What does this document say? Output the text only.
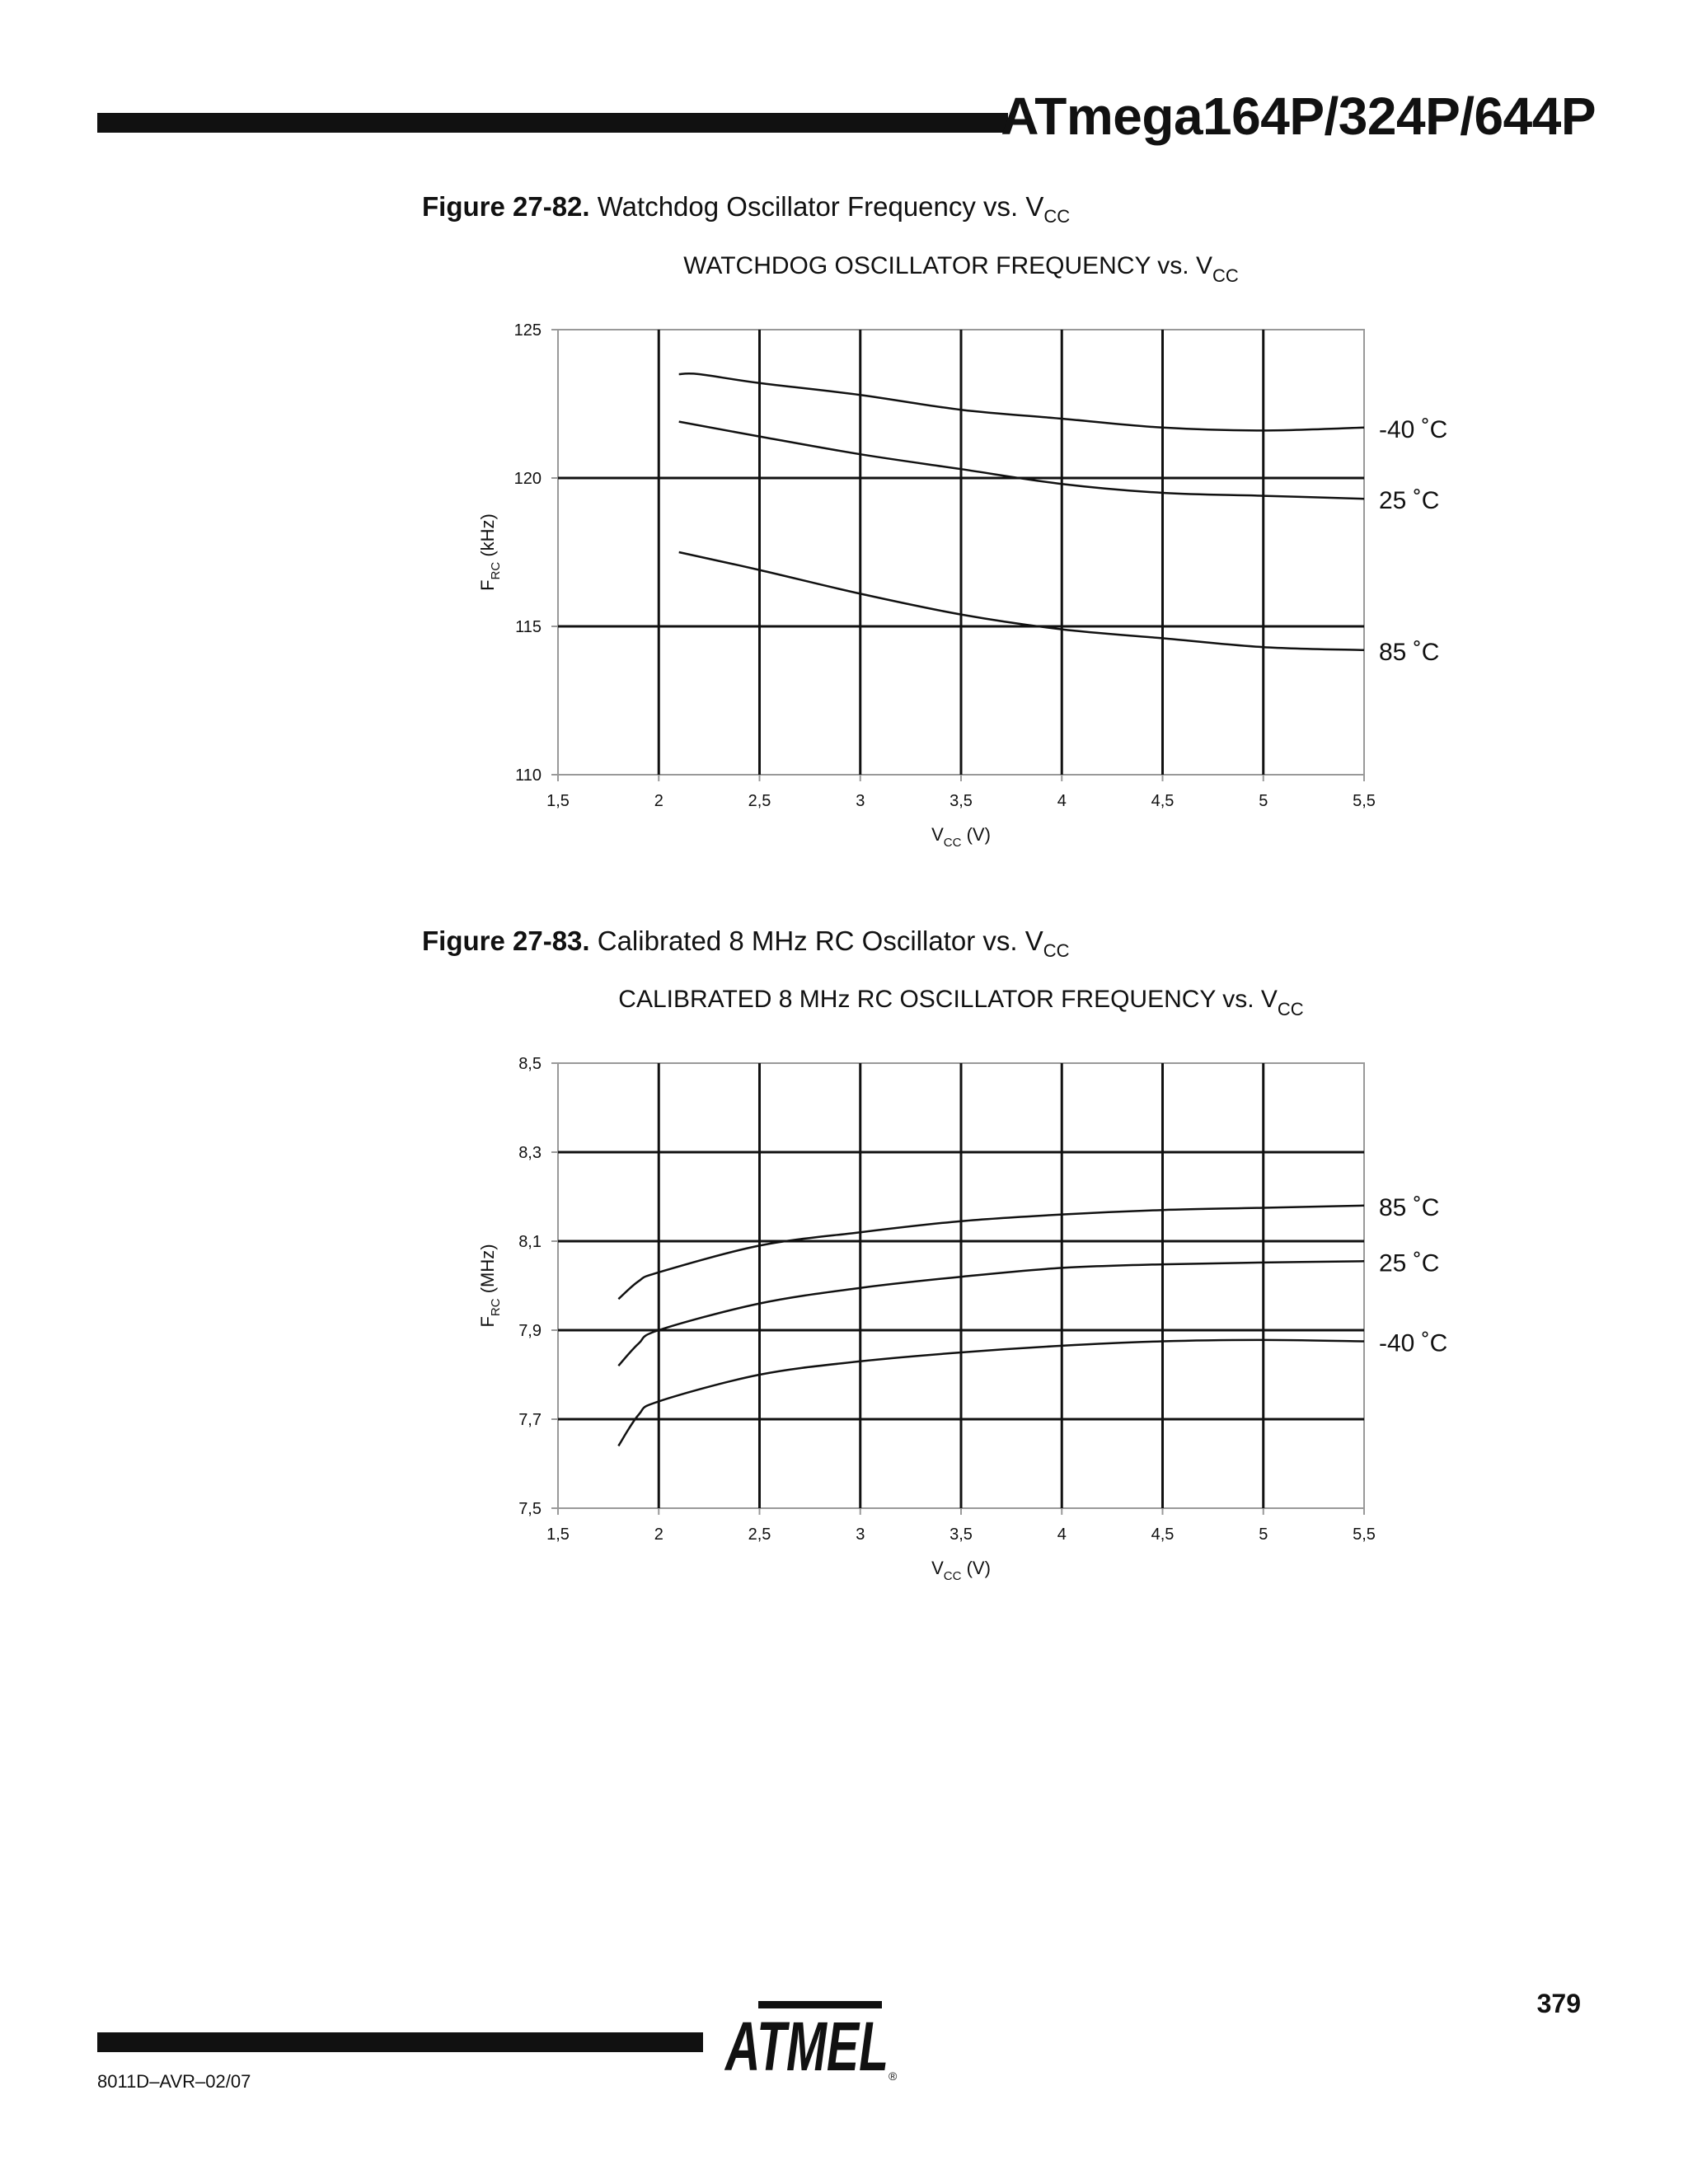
ATmega164P/324P/644P
Figure 27-82. Watchdog Oscillator Frequency vs. $V_{CC}$
WATCHDOG OSCILLATOR FREQUENCY vs. $V_{CC}$
1,5	2	2,5	3	3,5	4	4,5	5	5,5
110
115
120
125
$V_{CC}$ (V)
$F_{RC}$ (kHz)
-40 ˚C
25 ˚C
85 ˚C
Figure 27-83. Calibrated 8 MHz RC Oscillator vs. $V_{CC}$
CALIBRATED 8 MHz RC OSCILLATOR FREQUENCY vs. $V_{CC}$
1,5	2	2,5	3	3,5	4	4,5	5	5,5
7,5
7,7
7,9
8,1
8,3
8,5
$V_{CC}$ (V)
$F_{RC}$ (MHz)
85 ˚C
25 ˚C
-40 ˚C
8011D–AVR–02/07
379
ATMEL ®
